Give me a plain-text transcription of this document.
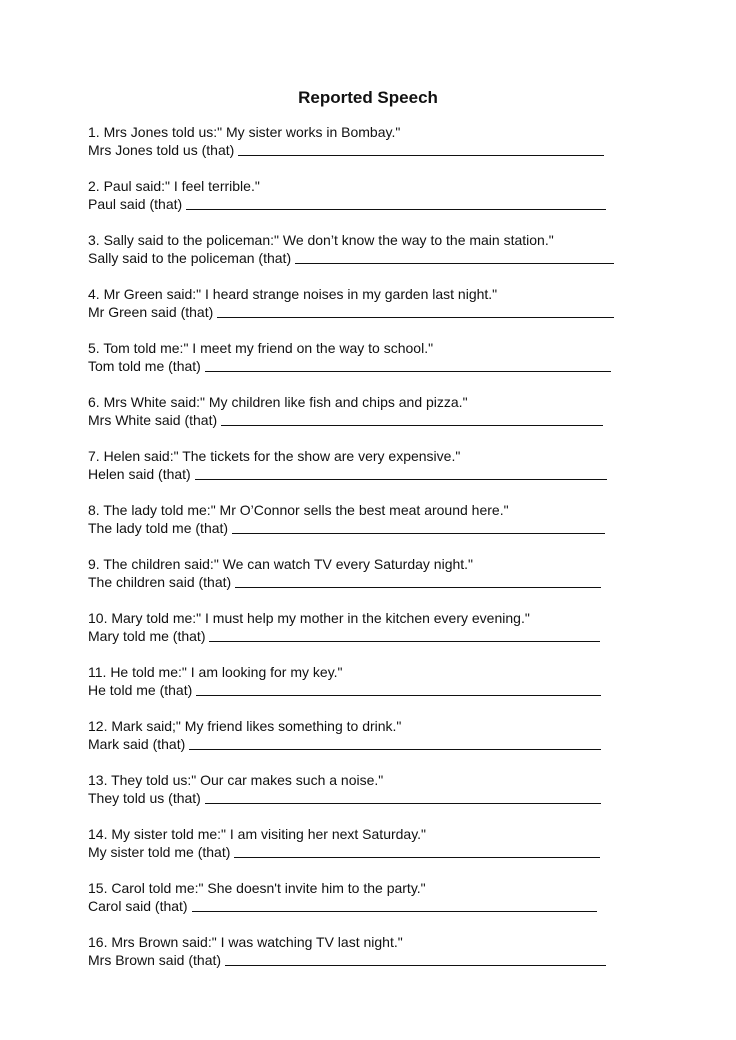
Reported Speech
1. Mrs Jones told us:" My sister works in Bombay."
Mrs Jones told us (that)
2. Paul said:" I feel terrible."
Paul said (that)
3. Sally said to the policeman:" We don’t know the way to the main station."
Sally said to the policeman (that)
4. Mr Green said:" I heard strange noises in my garden last night."
Mr Green said (that)
5. Tom told me:" I meet my friend on the way to school."
Tom told me (that)
6. Mrs White said:" My children like fish and chips and pizza."
Mrs White said (that)
7. Helen said:" The tickets for the show are very expensive."
Helen said (that)
8. The lady told me:" Mr O’Connor sells the best meat around here."
The lady told me (that)
9. The children said:" We can watch TV every Saturday night."
The children said (that)
10. Mary told me:" I must help my mother in the kitchen every evening."
Mary told me (that)
11. He told me:" I am looking for my key."
He told me (that)
12. Mark said;" My friend likes something to drink."
Mark said (that)
13. They told us:" Our car makes such a noise."
They told us (that)
14. My sister told me:" I am visiting her next Saturday."
My sister told me (that)
15. Carol told me:" She doesn't invite him to the party."
Carol said (that)
16. Mrs Brown said:" I was watching TV last night."
Mrs Brown said (that)
